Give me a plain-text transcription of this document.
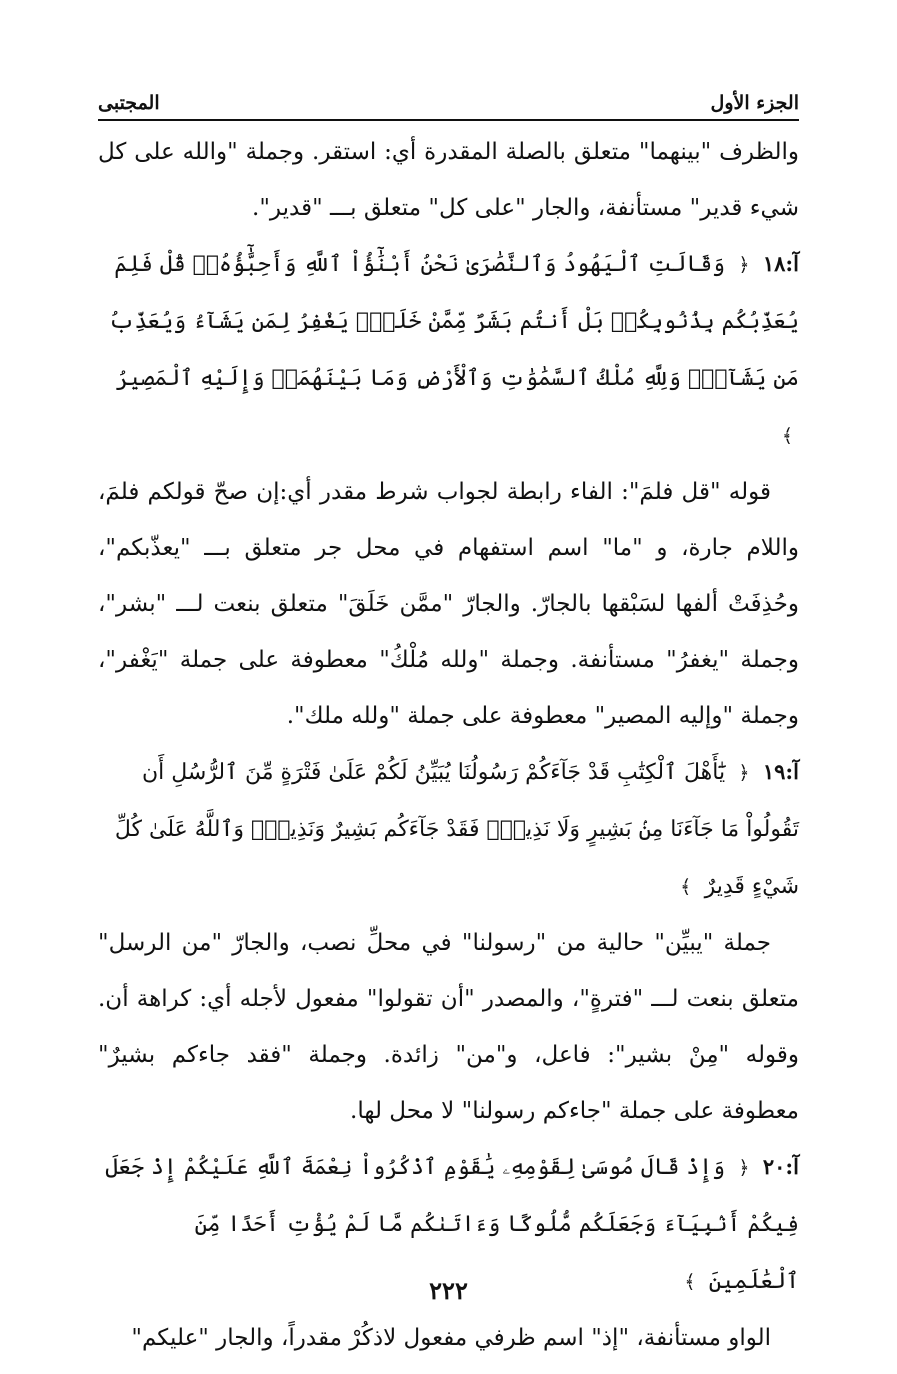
الجزء الأول
المجتبى

والظرف "بينهما" متعلق بالصلة المقدرة أي: استقر. وجملة "والله على كل شيء قدير" مستأنفة، والجار "على كل" متعلق بـــ "قدير".

آ:١٨ ﴿ وَقَالَتِ ٱلْيَهُودُ وَٱلنَّصَٰرَىٰ نَحْنُ أَبْنَٰٓؤُاْ ٱللَّهِ وَأَحِبَّٰٓؤُهُۥۚ قُلْ فَلِمَ يُعَذِّبُكُم بِذُنُوبِكُمۖ بَلْ أَنتُم بَشَرٌ مِّمَّنْ خَلَقَۚ يَغْفِرُ لِمَن يَشَآءُ وَيُعَذِّبُ مَن يَشَآءُۚ وَلِلَّهِ مُلْكُ ٱلسَّمَٰوَٰتِ وَٱلْأَرْضِ وَمَا بَيْنَهُمَاۖ وَإِلَيْهِ ٱلْمَصِيرُ ﴾

قوله "قل فلمَ": الفاء رابطة لجواب شرط مقدر أي:إن صحّ قولكم فلمَ، واللام جارة، و "ما" اسم استفهام في محل جر متعلق بـــ "يعذّبكم"، وحُذِفَتْ ألفها لسَبْقها بالجارّ. والجارّ "ممَّن خَلَقَ" متعلق بنعت لـــ "بشر"، وجملة "يغفرُ" مستأنفة. وجملة "ولله مُلْكُ" معطوفة على جملة "يَغْفر"، وجملة "وإليه المصير" معطوفة على جملة "ولله ملك".

آ:١٩ ﴿ يَٰٓأَهْلَ ٱلْكِتَٰبِ قَدْ جَآءَكُمْ رَسُولُنَا يُبَيِّنُ لَكُمْ عَلَىٰ فَتْرَةٍ مِّنَ ٱلرُّسُلِ أَن تَقُولُواْ مَا جَآءَنَا مِنۢ بَشِيرٍ وَلَا نَذِيرٍۖ فَقَدْ جَآءَكُم بَشِيرٌ وَنَذِيرٌۗ وَٱللَّهُ عَلَىٰ كُلِّ شَيْءٍ قَدِيرٌ ﴾

جملة "يبيِّن" حالية من "رسولنا" في محلِّ نصب، والجارّ "من الرسل" متعلق بنعت لـــ "فترةٍ"، والمصدر "أن تقولوا" مفعول لأجله أي: كراهة أن. وقوله "مِنْ بشير": فاعل، و"من" زائدة. وجملة "فقد جاءكم بشيرٌ" معطوفة على جملة "جاءكم رسولنا" لا محل لها.

آ:٢٠ ﴿ وَإِذْ قَالَ مُوسَىٰ لِقَوْمِهِۦ يَٰقَوْمِ ٱذْكُرُواْ نِعْمَةَ ٱللَّهِ عَلَيْكُمْ إِذْ جَعَلَ فِيكُمْ أَنۢبِيَآءَ وَجَعَلَكُم مُّلُوكًا وَءَاتَىٰكُم مَّا لَمْ يُؤْتِ أَحَدًا مِّنَ ٱلْعَٰلَمِينَ ﴾

الواو مستأنفة، "إذ" اسم ظرفي مفعول لاذكُرْ مقدراً، والجار "عليكم"

٢٢٢
